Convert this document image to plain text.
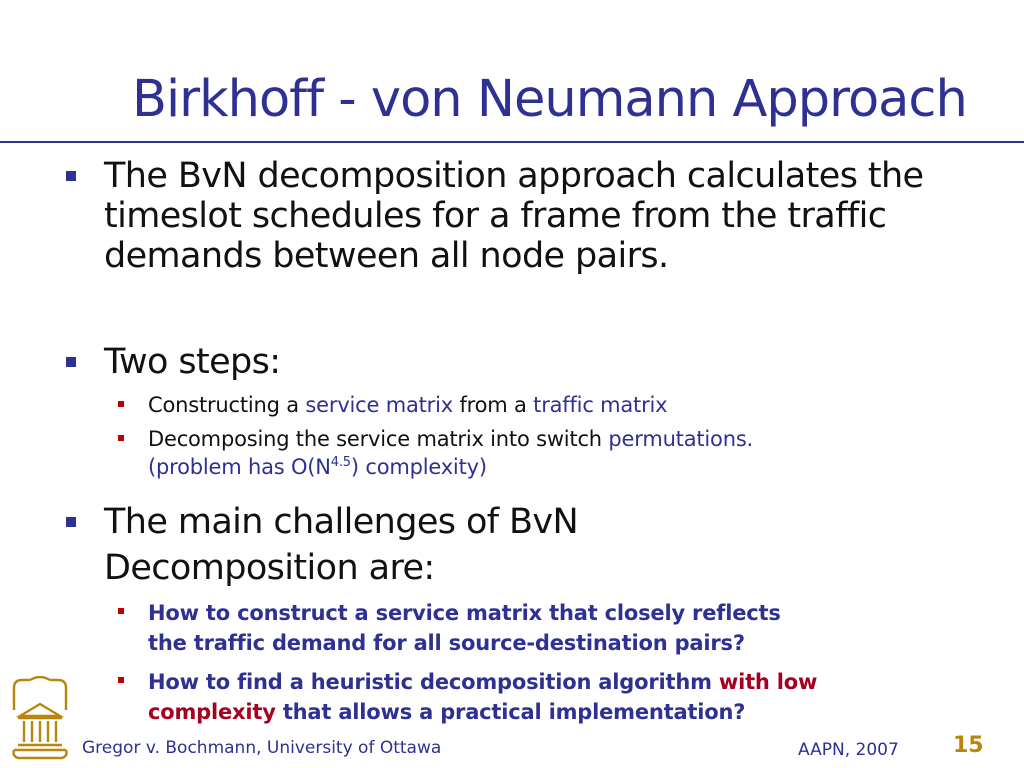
Birkhoff - von Neumann Approach
The BvN decomposition approach calculates the timeslot schedules for a frame from the traffic demands between all node pairs.
Two steps:
Constructing a service matrix from a traffic matrix
Decomposing the service matrix into switch permutations.
(problem has $O(N^{4.5})$ complexity)
The main challenges of BvN
Decomposition are:
How to construct a service matrix that closely reflects
the traffic demand for all source-destination pairs?
How to find a heuristic decomposition algorithm with low
complexity that allows a practical implementation?
Gregor v. Bochmann, University of Ottawa	AAPN, 2007 15
